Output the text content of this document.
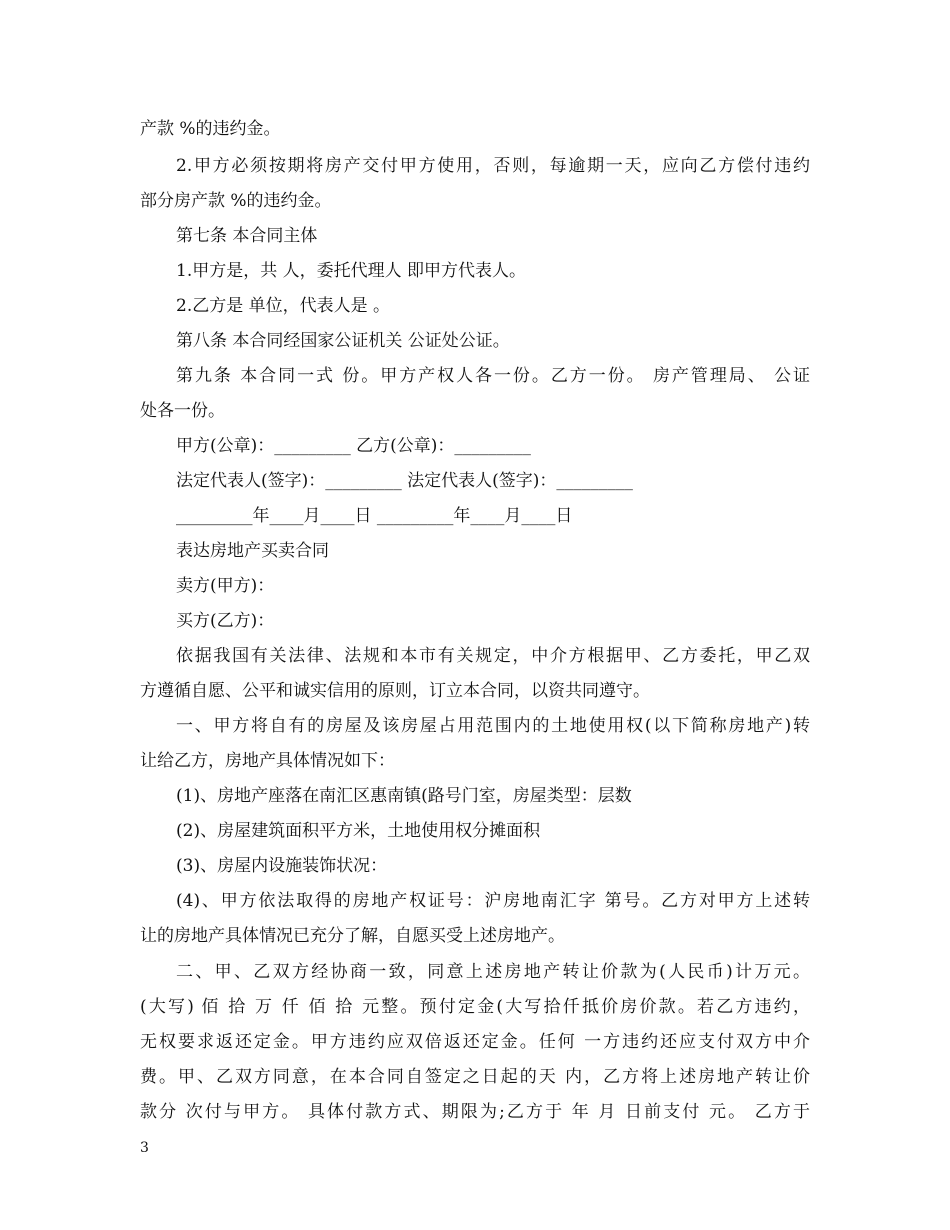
产款 %的违约金。
2.甲方必须按期将房产交付甲方使用，否则，每逾期一天，应向乙方偿付违约
部分房产款 %的违约金。
第七条 本合同主体
1.甲方是，共 人，委托代理人 即甲方代表人。
2.乙方是 单位，代表人是 。
第八条 本合同经国家公证机关 公证处公证。
第九条 本合同一式 份。甲方产权人各一份。乙方一份。 房产管理局、 公证
处各一份。
甲方(公章)：_________ 乙方(公章)：_________
法定代表人(签字)：_________ 法定代表人(签字)：_________
_________年____月____日 _________年____月____日
表达房地产买卖合同
卖方(甲方)：
买方(乙方)：
依据我国有关法律、法规和本市有关规定，中介方根据甲、乙方委托，甲乙双
方遵循自愿、公平和诚实信用的原则，订立本合同，以资共同遵守。
一、甲方将自有的房屋及该房屋占用范围内的土地使用权(以下简称房地产)转
让给乙方，房地产具体情况如下：
(1)、房地产座落在南汇区惠南镇(路号门室，房屋类型：层数
(2)、房屋建筑面积平方米，土地使用权分摊面积
(3)、房屋内设施装饰状况：
(4)、甲方依法取得的房地产权证号：沪房地南汇字 第号。乙方对甲方上述转
让的房地产具体情况已充分了解，自愿买受上述房地产。
二、甲、乙双方经协商一致，同意上述房地产转让价款为(人民币)计万元。
(大写) 佰 拾 万 仟 佰 拾 元整。预付定金(大写拾仟抵价房价款。若乙方违约，
无权要求返还定金。甲方违约应双倍返还定金。任何 一方违约还应支付双方中介
费。甲、乙双方同意，在本合同自签定之日起的天 内，乙方将上述房地产转让价
款分 次付与甲方。 具体付款方式、期限为;乙方于 年 月 日前支付 元。 乙方于
3
